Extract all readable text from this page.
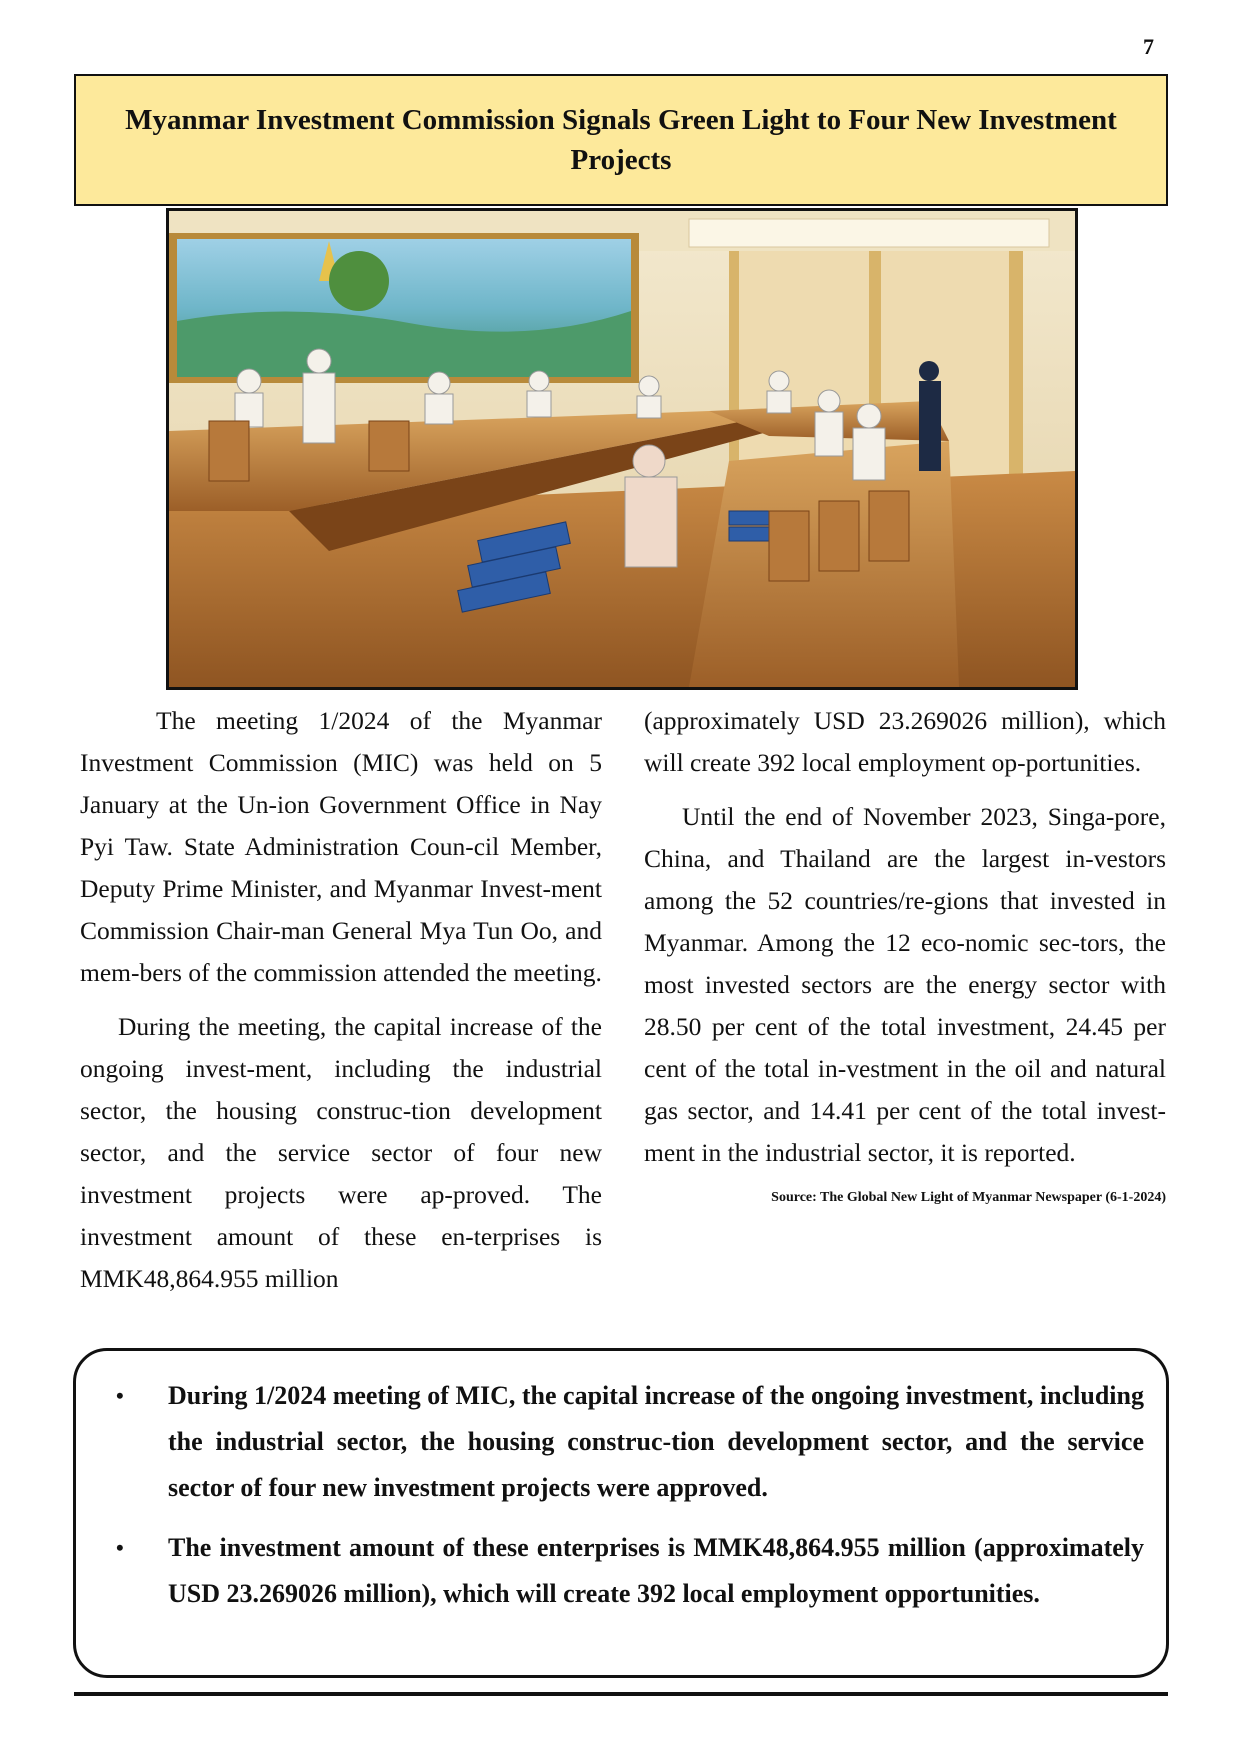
7
Myanmar Investment Commission Signals Green Light to Four New Investment Projects

The meeting 1/2024 of the Myanmar Investment Commission (MIC) was held on 5 January at the Un-ion Government Office in Nay Pyi Taw. State Administration Coun-cil Member, Deputy Prime Minister, and Myanmar Invest-ment Commission Chair-man General Mya Tun Oo, and mem-bers of the commission attended the meeting.

During the meeting, the capital increase of the ongoing invest-ment, including the industrial sector, the housing construc-tion development sector, and the service sector of four new investment projects were ap-proved. The investment amount of these en-terprises is MMK48,864.955 million

(approximately USD 23.269026 million), which will create 392 local employment op-portunities.

Until the end of November 2023, Singa-pore, China, and Thailand are the largest in-vestors among the 52 countries/re-gions that invested in Myanmar. Among the 12 eco-nomic sec-tors, the most invested sectors are the energy sector with 28.50 per cent of the total investment, 24.45 per cent of the total in-vestment in the oil and natural gas sector, and 14.41 per cent of the total invest-ment in the industrial sector, it is reported.

Source: The Global New Light of Myanmar Newspaper (6-1-2024)
• During 1/2024 meeting of MIC, the capital increase of the ongoing investment, including the industrial sector, the housing construc-tion development sector, and the service sector of four new investment projects were approved.
• The investment amount of these enterprises is MMK48,864.955 million (approximately USD 23.269026 million), which will create 392 local employment opportunities.
